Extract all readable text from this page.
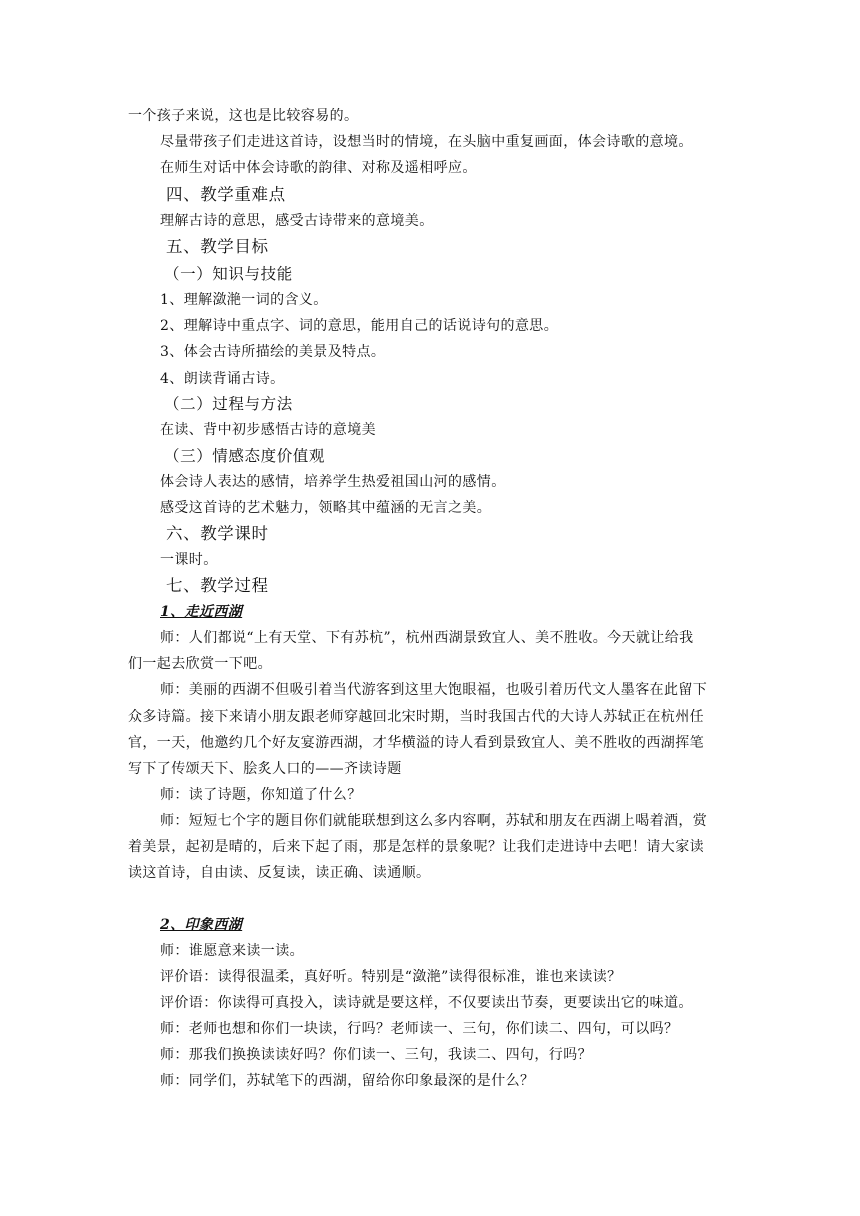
一个孩子来说，这也是比较容易的。
尽量带孩子们走进这首诗，设想当时的情境，在头脑中重复画面，体会诗歌的意境。
在师生对话中体会诗歌的韵律、对称及遥相呼应。
四、教学重难点
理解古诗的意思，感受古诗带来的意境美。
五、教学目标
（一）知识与技能
1、理解潋滟一词的含义。
2、理解诗中重点字、词的意思，能用自己的话说诗句的意思。
3、体会古诗所描绘的美景及特点。
4、朗读背诵古诗。
（二）过程与方法
在读、背中初步感悟古诗的意境美
（三）情感态度价值观
体会诗人表达的感情，培养学生热爱祖国山河的感情。
感受这首诗的艺术魅力，领略其中蕴涵的无言之美。
六、教学课时
一课时。
七、教学过程
1、走近西湖
师：人们都说“上有天堂、下有苏杭”，杭州西湖景致宜人、美不胜收。今天就让给我
们一起去欣赏一下吧。
师：美丽的西湖不但吸引着当代游客到这里大饱眼福，也吸引着历代文人墨客在此留下
众多诗篇。接下来请小朋友跟老师穿越回北宋时期，当时我国古代的大诗人苏轼正在杭州任
官，一天，他邀约几个好友宴游西湖，才华横溢的诗人看到景致宜人、美不胜收的西湖挥笔
写下了传颂天下、脍炙人口的——齐读诗题
师：读了诗题，你知道了什么？
师：短短七个字的题目你们就能联想到这么多内容啊，苏轼和朋友在西湖上喝着酒，赏
着美景，起初是晴的，后来下起了雨，那是怎样的景象呢？让我们走进诗中去吧！请大家读
读这首诗，自由读、反复读，读正确、读通顺。
2、印象西湖
师：谁愿意来读一读。
评价语：读得很温柔，真好听。特别是“潋滟”读得很标准，谁也来读读？
评价语：你读得可真投入，读诗就是要这样，不仅要读出节奏，更要读出它的味道。
师：老师也想和你们一块读，行吗？老师读一、三句，你们读二、四句，可以吗？
师：那我们换换读读好吗？你们读一、三句，我读二、四句，行吗？
师：同学们，苏轼笔下的西湖，留给你印象最深的是什么？
